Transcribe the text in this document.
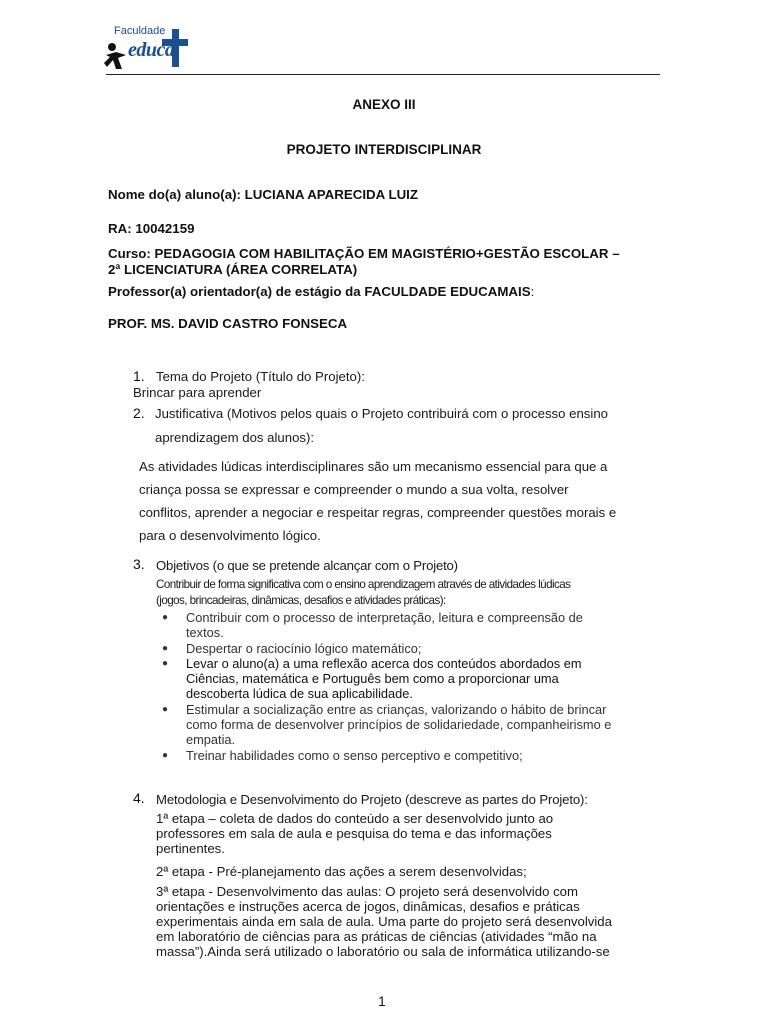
Faculdade
educa
ANEXO III
PROJETO INTERDISCIPLINAR
Nome do(a) aluno(a): LUCIANA APARECIDA LUIZ
RA: 10042159
Curso: PEDAGOGIA COM HABILITAÇÃO EM MAGISTÉRIO+GESTÃO ESCOLAR –
2ª LICENCIATURA (ÁREA CORRELATA)
Professor(a) orientador(a) de estágio da FACULDADE EDUCAMAIS:
PROF. MS. DAVID CASTRO FONSECA
1. Tema do Projeto (Título do Projeto):
Brincar para aprender
2. Justificativa (Motivos pelos quais o Projeto contribuirá com o processo ensino
aprendizagem dos alunos):
As atividades lúdicas interdisciplinares são um mecanismo essencial para que a
criança possa se expressar e compreender o mundo a sua volta, resolver
conflitos, aprender a negociar e respeitar regras, compreender questões morais e
para o desenvolvimento lógico.
3. Objetivos (o que se pretende alcançar com o Projeto)
Contribuir de forma significativa com o ensino aprendizagem através de atividades lúdicas
(jogos, brincadeiras, dinâmicas, desafios e atividades práticas):
● Contribuir com o processo de interpretação, leitura e compreensão de
textos.
● Despertar o raciocínio lógico matemático;
● Levar o aluno(a) a uma reflexão acerca dos conteúdos abordados em
Ciências, matemática e Português bem como a proporcionar uma
descoberta lúdica de sua aplicabilidade.
● Estimular a socialização entre as crianças, valorizando o hábito de brincar
como forma de desenvolver princípios de solidariedade, companheirismo e
empatia.
● Treinar habilidades como o senso perceptivo e competitivo;
4. Metodologia e Desenvolvimento do Projeto (descreve as partes do Projeto):
1ª etapa – coleta de dados do conteúdo a ser desenvolvido junto ao
professores em sala de aula e pesquisa do tema e das informações
pertinentes.
2ª etapa - Pré-planejamento das ações a serem desenvolvidas;
3ª etapa - Desenvolvimento das aulas: O projeto será desenvolvido com
orientações e instruções acerca de jogos, dinâmicas, desafios e práticas
experimentais ainda em sala de aula. Uma parte do projeto será desenvolvida
em laboratório de ciências para as práticas de ciências (atividades “mão na
massa”).Ainda será utilizado o laboratório ou sala de informática utilizando-se
1
